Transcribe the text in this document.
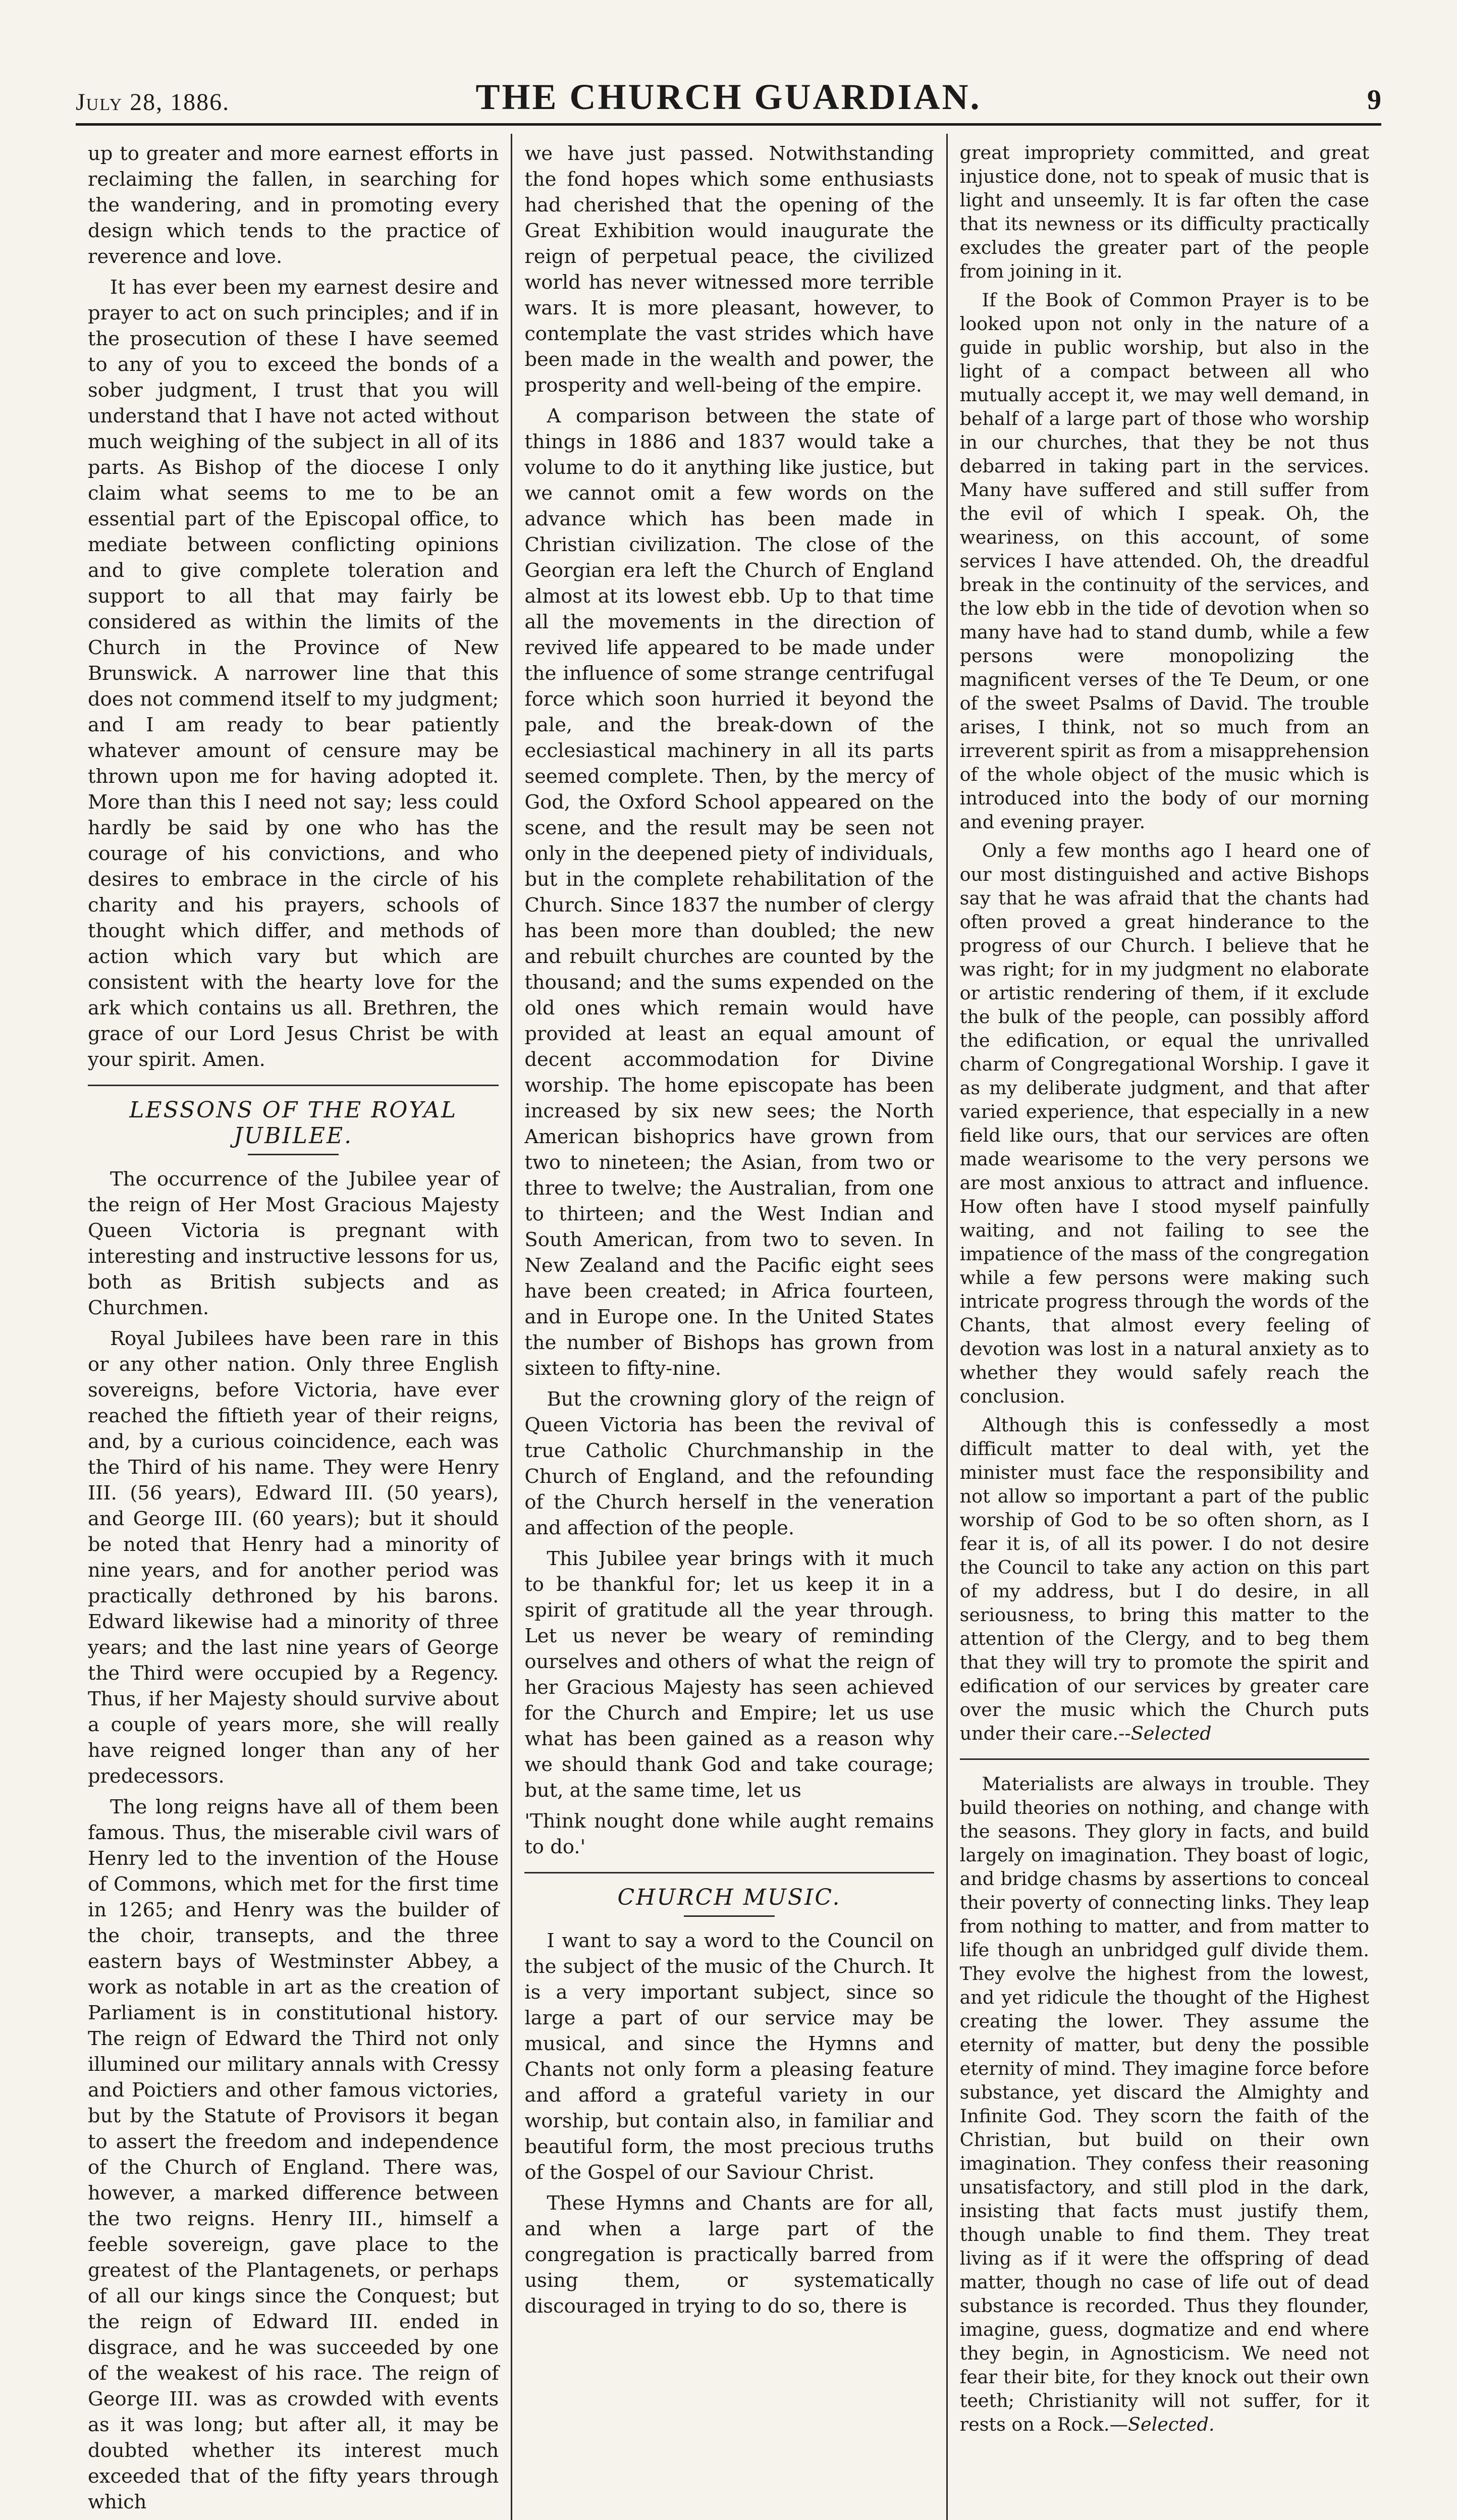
July 28, 1886.	THE CHURCH GUARDIAN.	9

up to greater and more earnest efforts in reclaiming the fallen, in searching for the wandering, and in promoting every design which tends to the practice of reverence and love.

It has ever been my earnest desire and prayer to act on such principles; and if in the prosecution of these I have seemed to any of you to exceed the bonds of a sober judgment, I trust that you will understand that I have not acted without much weighing of the subject in all of its parts. As Bishop of the diocese I only claim what seems to me to be an essential part of the Episcopal office, to mediate between conflicting opinions and to give complete toleration and support to all that may fairly be considered as within the limits of the Church in the Province of New Brunswick. A narrower line that this does not commend itself to my judgment; and I am ready to bear patiently whatever amount of censure may be thrown upon me for having adopted it. More than this I need not say; less could hardly be said by one who has the courage of his convictions, and who desires to embrace in the circle of his charity and his prayers, schools of thought which differ, and methods of action which vary but which are consistent with the hearty love for the ark which contains us all. Brethren, the grace of our Lord Jesus Christ be with your spirit. Amen.

LESSONS OF THE ROYAL JUBILEE.

The occurrence of the Jubilee year of the reign of Her Most Gracious Majesty Queen Victoria is pregnant with interesting and instructive lessons for us, both as British subjects and as Churchmen.

Royal Jubilees have been rare in this or any other nation. Only three English sovereigns, before Victoria, have ever reached the fiftieth year of their reigns, and, by a curious coincidence, each was the Third of his name. They were Henry III. (56 years), Edward III. (50 years), and George III. (60 years); but it should be noted that Henry had a minority of nine years, and for another period was practically dethroned by his barons. Edward likewise had a minority of three years; and the last nine years of George the Third were occupied by a Regency. Thus, if her Majesty should survive about a couple of years more, she will really have reigned longer than any of her predecessors.

The long reigns have all of them been famous. Thus, the miserable civil wars of Henry led to the invention of the House of Commons, which met for the first time in 1265; and Henry was the builder of the choir, transepts, and the three eastern bays of Westminster Abbey, a work as notable in art as the creation of Parliament is in constitutional history. The reign of Edward the Third not only illumined our military annals with Cressy and Poictiers and other famous victories, but by the Statute of Provisors it began to assert the freedom and independence of the Church of England. There was, however, a marked difference between the two reigns. Henry III., himself a feeble sovereign, gave place to the greatest of the Plantagenets, or perhaps of all our kings since the Conquest; but the reign of Edward III. ended in disgrace, and he was succeeded by one of the weakest of his race. The reign of George III. was as crowded with events as it was long; but after all, it may be doubted whether its interest much exceeded that of the fifty years through which

we have just passed. Notwithstanding the fond hopes which some enthusiasts had cherished that the opening of the Great Exhibition would inaugurate the reign of perpetual peace, the civilized world has never witnessed more terrible wars. It is more pleasant, however, to contemplate the vast strides which have been made in the wealth and power, the prosperity and well-being of the empire.

A comparison between the state of things in 1886 and 1837 would take a volume to do it anything like justice, but we cannot omit a few words on the advance which has been made in Christian civilization. The close of the Georgian era left the Church of England almost at its lowest ebb. Up to that time all the movements in the direction of revived life appeared to be made under the influence of some strange centrifugal force which soon hurried it beyond the pale, and the break-down of the ecclesiastical machinery in all its parts seemed complete. Then, by the mercy of God, the Oxford School appeared on the scene, and the result may be seen not only in the deepened piety of individuals, but in the complete rehabilitation of the Church. Since 1837 the number of clergy has been more than doubled; the new and rebuilt churches are counted by the thousand; and the sums expended on the old ones which remain would have provided at least an equal amount of decent accommodation for Divine worship. The home episcopate has been increased by six new sees; the North American bishoprics have grown from two to nineteen; the Asian, from two or three to twelve; the Australian, from one to thirteen; and the West Indian and South American, from two to seven. In New Zealand and the Pacific eight sees have been created; in Africa fourteen, and in Europe one. In the United States the number of Bishops has grown from sixteen to fifty-nine.

But the crowning glory of the reign of Queen Victoria has been the revival of true Catholic Churchmanship in the Church of England, and the refounding of the Church herself in the veneration and affection of the people.

This Jubilee year brings with it much to be thankful for; let us keep it in a spirit of gratitude all the year through. Let us never be weary of reminding ourselves and others of what the reign of her Gracious Majesty has seen achieved for the Church and Empire; let us use what has been gained as a reason why we should thank God and take courage; but, at the same time, let us

'Think nought done while aught remains to do.'

CHURCH MUSIC.

I want to say a word to the Council on the subject of the music of the Church. It is a very important subject, since so large a part of our service may be musical, and since the Hymns and Chants not only form a pleasing feature and afford a grateful variety in our worship, but contain also, in familiar and beautiful form, the most precious truths of the Gospel of our Saviour Christ.

These Hymns and Chants are for all, and when a large part of the congregation is practically barred from using them, or systematically discouraged in trying to do so, there is

great impropriety committed, and great injustice done, not to speak of music that is light and unseemly. It is far often the case that its newness or its difficulty practically excludes the greater part of the people from joining in it.

If the Book of Common Prayer is to be looked upon not only in the nature of a guide in public worship, but also in the light of a compact between all who mutually accept it, we may well demand, in behalf of a large part of those who worship in our churches, that they be not thus debarred in taking part in the services. Many have suffered and still suffer from the evil of which I speak. Oh, the weariness, on this account, of some services I have attended. Oh, the dreadful break in the continuity of the services, and the low ebb in the tide of devotion when so many have had to stand dumb, while a few persons were monopolizing the magnificent verses of the Te Deum, or one of the sweet Psalms of David. The trouble arises, I think, not so much from an irreverent spirit as from a misapprehension of the whole object of the music which is introduced into the body of our morning and evening prayer.

Only a few months ago I heard one of our most distinguished and active Bishops say that he was afraid that the chants had often proved a great hinderance to the progress of our Church. I believe that he was right; for in my judgment no elaborate or artistic rendering of them, if it exclude the bulk of the people, can possibly afford the edification, or equal the unrivalled charm of Congregational Worship. I gave it as my deliberate judgment, and that after varied experience, that especially in a new field like ours, that our services are often made wearisome to the very persons we are most anxious to attract and influence. How often have I stood myself painfully waiting, and not failing to see the impatience of the mass of the congregation while a few persons were making such intricate progress through the words of the Chants, that almost every feeling of devotion was lost in a natural anxiety as to whether they would safely reach the conclusion.

Although this is confessedly a most difficult matter to deal with, yet the minister must face the responsibility and not allow so important a part of the public worship of God to be so often shorn, as I fear it is, of all its power. I do not desire the Council to take any action on this part of my address, but I do desire, in all seriousness, to bring this matter to the attention of the Clergy, and to beg them that they will try to promote the spirit and edification of our services by greater care over the music which the Church puts under their care.--Selected

Materialists are always in trouble. They build theories on nothing, and change with the seasons. They glory in facts, and build largely on imagination. They boast of logic, and bridge chasms by assertions to conceal their poverty of connecting links. They leap from nothing to matter, and from matter to life though an unbridged gulf divide them. They evolve the highest from the lowest, and yet ridicule the thought of the Highest creating the lower. They assume the eternity of matter, but deny the possible eternity of mind. They imagine force before substance, yet discard the Almighty and Infinite God. They scorn the faith of the Christian, but build on their own imagination. They confess their reasoning unsatisfactory, and still plod in the dark, insisting that facts must justify them, though unable to find them. They treat living as if it were the offspring of dead matter, though no case of life out of dead substance is recorded. Thus they flounder, imagine, guess, dogmatize and end where they begin, in Agnosticism. We need not fear their bite, for they knock out their own teeth; Christianity will not suffer, for it rests on a Rock.—Selected.
